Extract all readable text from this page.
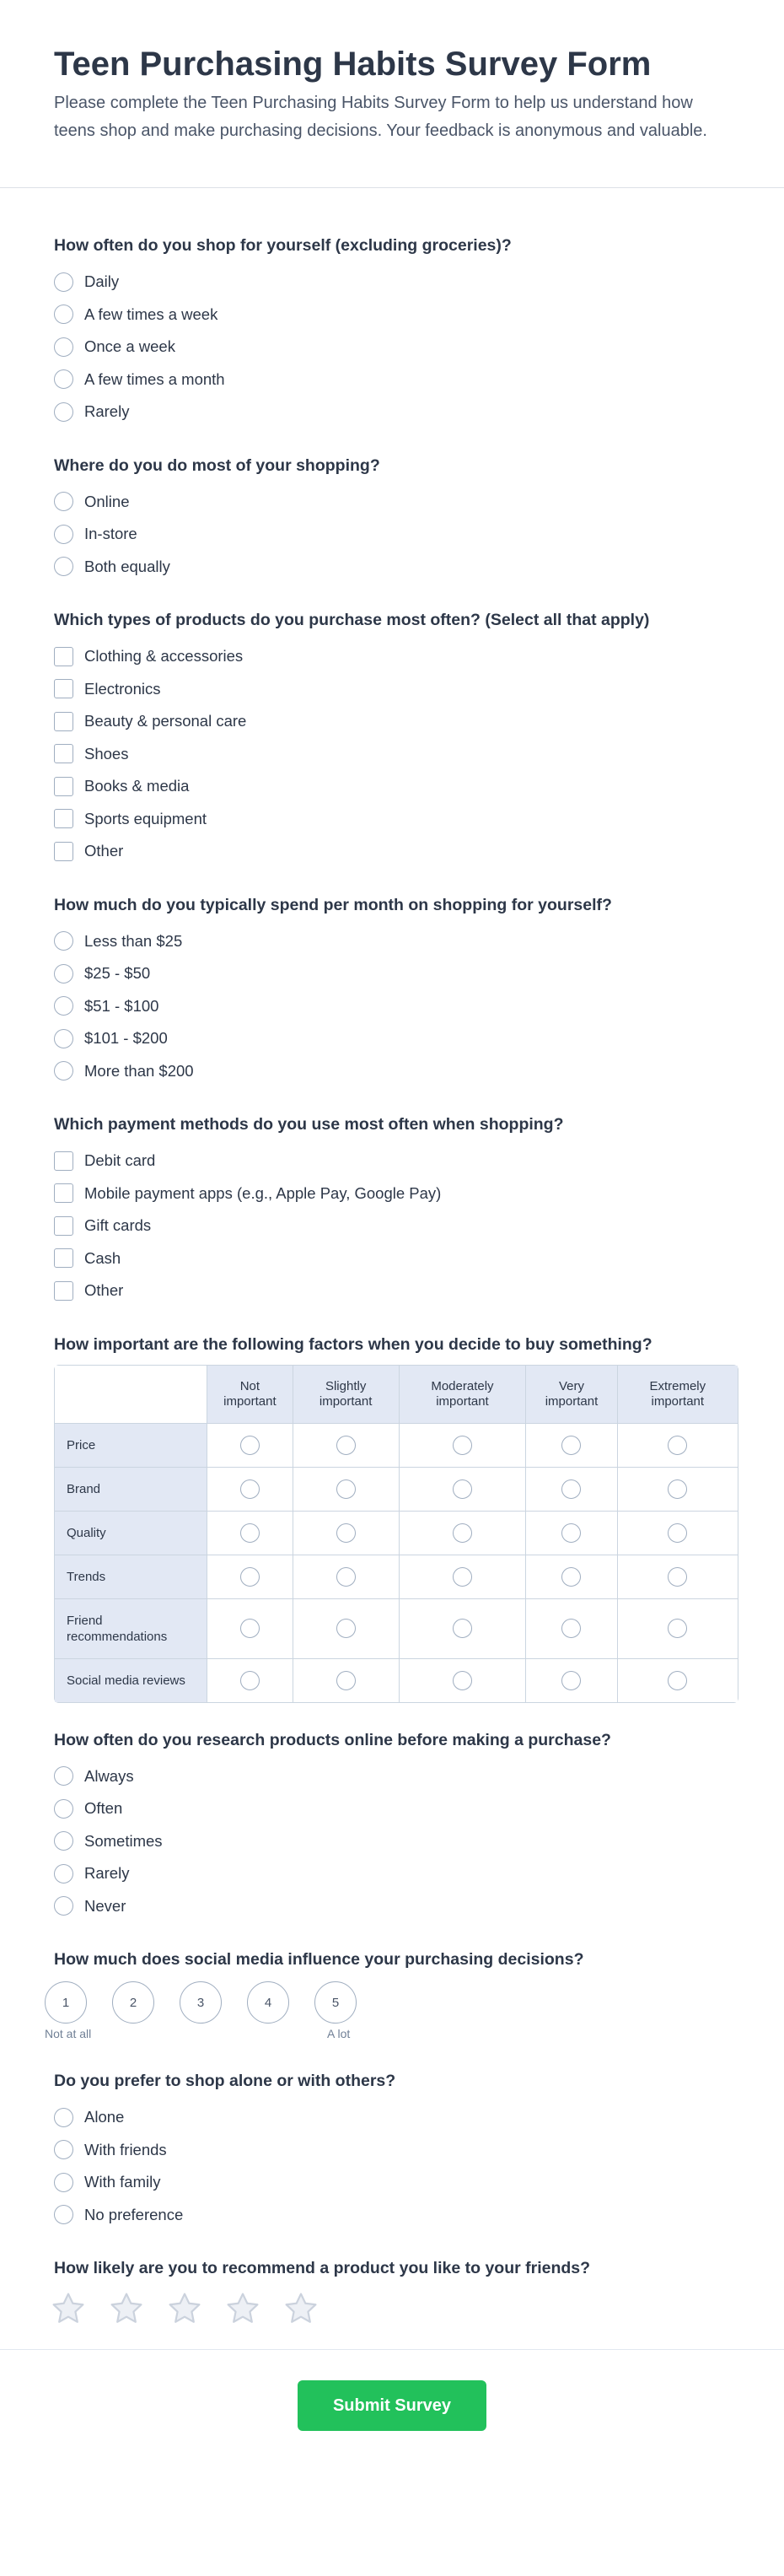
Teen Purchasing Habits Survey Form

Please complete the Teen Purchasing Habits Survey Form to help us understand how teens shop and make purchasing decisions. Your feedback is anonymous and valuable.

How often do you shop for yourself (excluding groceries)?
Daily
A few times a week
Once a week
A few times a month
Rarely
Where do you do most of your shopping?
Online
In-store
Both equally
Which types of products do you purchase most often? (Select all that apply)
Clothing & accessories
Electronics
Beauty & personal care
Shoes
Books & media
Sports equipment
Other
How much do you typically spend per month on shopping for yourself?
Less than $25
$25 - $50
$51 - $100
$101 - $200
More than $200
Which payment methods do you use most often when shopping?
Debit card
Mobile payment apps (e.g., Apple Pay, Google Pay)
Gift cards
Cash
Other
How important are the following factors when you decide to buy something?
	Not important	Slightly important	Moderately important	Very important	Extremely important
Price					
Brand					
Quality					
Trends					
Friend recommendations					
Social media reviews					
How often do you research products online before making a purchase?
Always
Often
Sometimes
Rarely
Never
How much does social media influence your purchasing decisions?
1	2	3	4	5
Not at all	A lot
Do you prefer to shop alone or with others?
Alone
With friends
With family
No preference
How likely are you to recommend a product you like to your friends?
Submit Survey
